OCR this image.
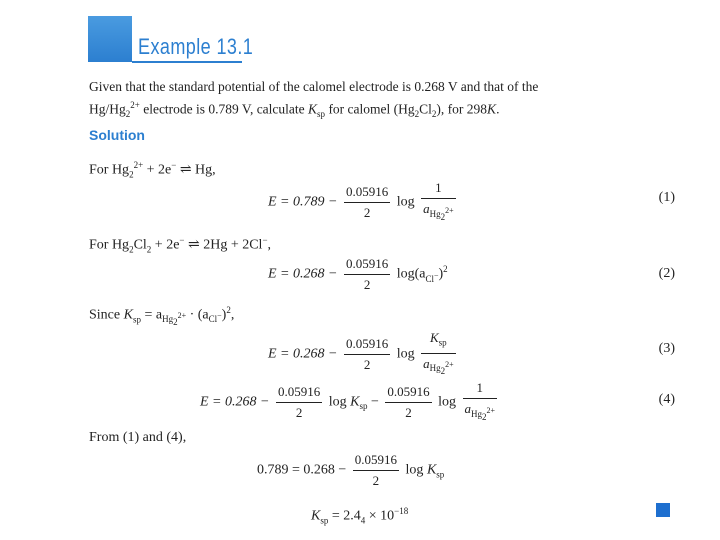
Example 13.1
Given that the standard potential of the calomel electrode is 0.268 V and that of the
$Hg/Hg_2^{2+}$ electrode is 0.789 V, calculate $K_{sp}$ for calomel $(Hg_2Cl_2)$, for 298K.
Solution
For $Hg_2^{2+} + 2e^-$ ⇌ Hg,
$E = 0.789 - \frac{0.05916}{2}$ $\log \frac{1}{a_{Hg_2^{2+}}}$	(1)
For $Hg_2Cl_2 + 2e^-$ ⇌ 2Hg + 2Cl−,
$E = 0.268 - \frac{0.05916}{2} \log(a_{Cl^-})^2$	(2)
Since $K_{sp} = a_{Hg_2^{2+}} \cdot (a_{Cl^-})^2$,
$E = 0.268 - \frac{0.05916}{2}$ $\log \frac{K_{sp}}{a_{Hg_2^{2+}}}$	(3)
$E = 0.268 - \frac{0.05916}{2}$ $\log K_{sp} - \frac{0.05916}{2}$ $\log \frac{1}{a_{Hg_2^{2+}}}$	(4)
From (1) and (4),
$0.789 = 0.268 - \frac{0.05916}{2}$ $\log K_{sp}$
$K_{sp} = 2.4_4 \times 10^{-18}$
